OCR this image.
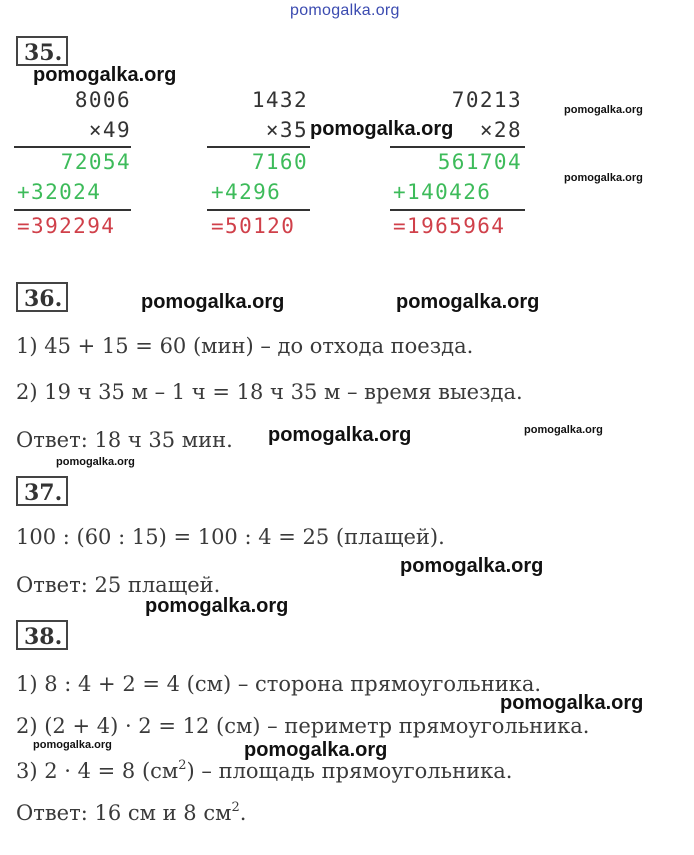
pomogalka.org
35.
pomogalka.org
8006
×49
72054
+32024
=392294
1432
×35
7160
+4296
=50120
pomogalka.org
70213
×28
561704
+140426
=1965964
pomogalka.org
pomogalka.org
36.	pomogalka.org	pomogalka.org
1) 45 + 15 = 60 (мин) – до отхода поезда.
2) 19 ч 35 м – 1 ч = 18 ч 35 м – время выезда.
Ответ: 18 ч 35 мин. pomogalka.org	pomogalka.org
pomogalka.org
37.
100 : (60 : 15) = 100 : 4 = 25 (плащей).
Ответ: 25 плащей.
pomogalka.org
pomogalka.org
38.
1) 8 : 4 + 2 = 4 (см) – сторона прямоугольника.
pomogalka.org
2) (2 + 4) · 2 = 12 (см) – периметр прямоугольника.
pomogalka.org	pomogalka.org
3) 2 · 4 = 8 $(см^2)$ – площадь прямоугольника.
Ответ: 16 см и 8 $см^2$.
